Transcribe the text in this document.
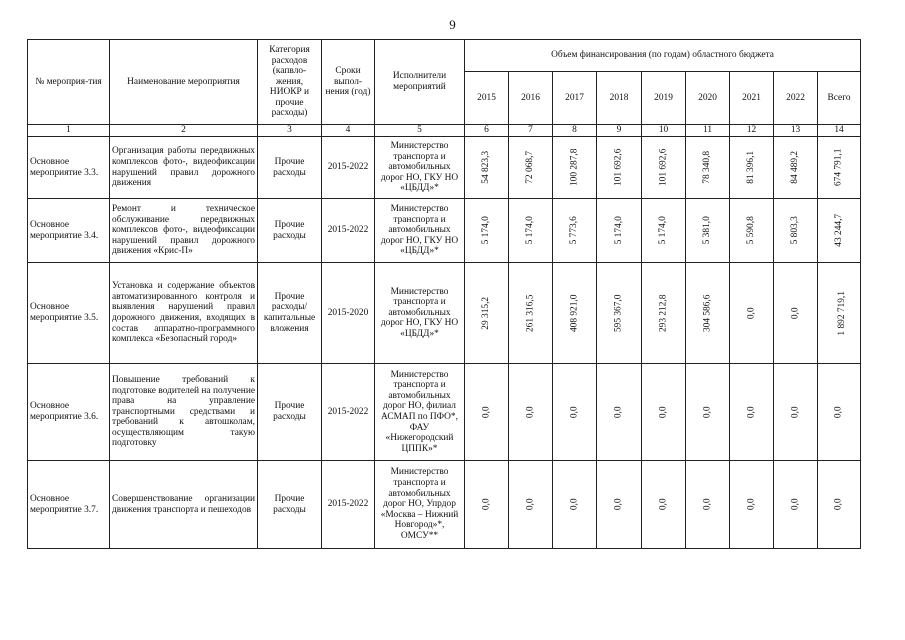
9
№ мероприя-тия	Наименование мероприятия	Категория расходов (капвло-жения, НИОКР и прочие расходы)	Сроки выпол-нения (год)	Исполнители мероприятий	Объем финансирования (по годам) областного бюджета								
					2015	2016	2017	2018	2019	2020	2021	2022	Всего
1	2	3	4	5	6	7	8	9	10	11	12	13	14
Основное мероприятие 3.3.	Организация работы передвижных комплексов фото-, видеофиксации нарушений правил дорожного движения	Прочие расходы	2015-2022	Министерство транспорта и автомобильных дорог НО, ГКУ НО «ЦБДД»*	54 823,3	72 068,7	100 287,8	101 692,6	101 692,6	78 340,8	81 396,1	84 489,2	674 791,1
Основное мероприятие 3.4.	Ремонт и техническое обслуживание передвижных комплексов фото-, видеофиксации нарушений правил дорожного движения «Крис-П»	Прочие расходы	2015-2022	Министерство транспорта и автомобильных дорог НО, ГКУ НО «ЦБДД»*	5 174,0	5 174,0	5 773,6	5 174,0	5 174,0	5 381,0	5 590,8	5 803,3	43 244,7
Основное мероприятие 3.5.	Установка и содержание объектов автоматизированного контроля и выявления нарушений правил дорожного движения, входящих в состав аппаратно-программного комплекса «Безопасный город»	Прочие расходы/капитальные вложения	2015-2020	Министерство транспорта и автомобильных дорог НО, ГКУ НО «ЦБДД»*	29 315,2	261 316,5	408 921,0	595 367,0	293 212,8	304 586,6	0,0	0,0	1 892 719,1
Основное мероприятие 3.6.	Повышение требований к подготовке водителей на получение права на управление транспортными средствами и требований к автошколам, осуществляющим такую подготовку	Прочие расходы	2015-2022	Министерство транспорта и автомобильных дорог НО, филиал АСМАП по ПФО*, ФАУ «Нижегородский ЦППК»*	0,0	0,0	0,0	0,0	0,0	0,0	0,0	0,0	0,0
Основное мероприятие 3.7.	Совершенствование организации движения транспорта и пешеходов	Прочие расходы	2015-2022	Министерство транспорта и автомобильных дорог НО, Упрдор «Москва – Нижний Новгород»*, ОМСУ**	0,0	0,0	0,0	0,0	0,0	0,0	0,0	0,0	0,0
